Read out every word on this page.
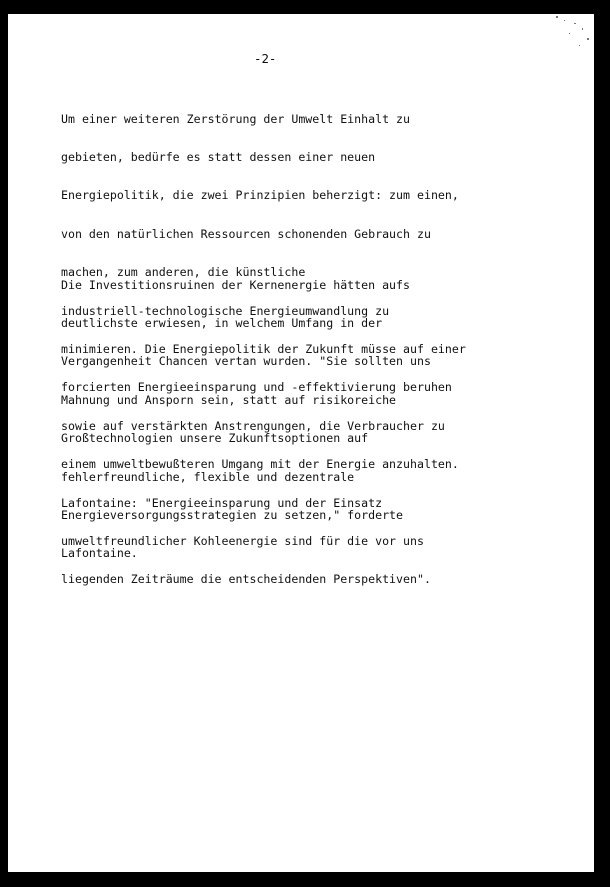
-2-

Um einer weiteren Zerstörung der Umwelt Einhalt zu

gebieten, bedürfe es statt dessen einer neuen

Energiepolitik, die zwei Prinzipien beherzigt: zum einen,

von den natürlichen Ressourcen schonenden Gebrauch zu

machen, zum anderen, die künstliche

industriell-technologische Energieumwandlung zu

minimieren. Die Energiepolitik der Zukunft müsse auf einer

forcierten Energieeinsparung und -effektivierung beruhen

sowie auf verstärkten Anstrengungen, die Verbraucher zu

einem umweltbewußteren Umgang mit der Energie anzuhalten.

Lafontaine: "Energieeinsparung und der Einsatz

umweltfreundlicher Kohleenergie sind für die vor uns

liegenden Zeiträume die entscheidenden Perspektiven".

Die Investitionsruinen der Kernenergie hätten aufs

deutlichste erwiesen, in welchem Umfang in der

Vergangenheit Chancen vertan wurden. "Sie sollten uns

Mahnung und Ansporn sein, statt auf risikoreiche

Großtechnologien unsere Zukunftsoptionen auf

fehlerfreundliche, flexible und dezentrale

Energieversorgungsstrategien zu setzen," forderte

Lafontaine.
